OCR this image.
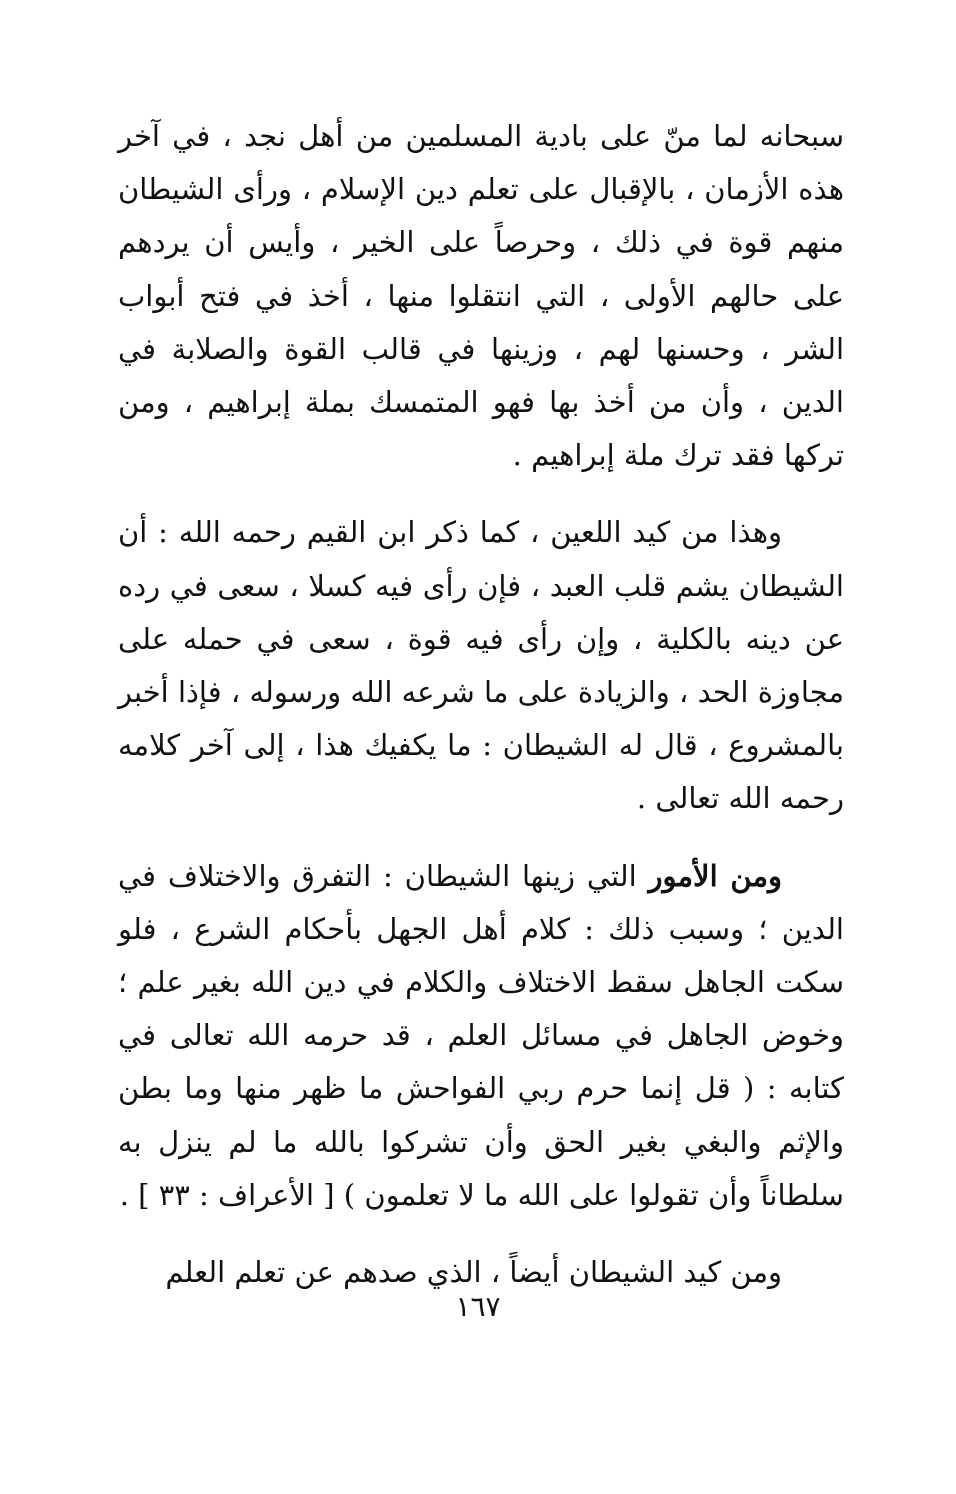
سبحانه لما منّ على بادية المسلمين من أهل نجد ، في آخر هذه الأزمان ، بالإقبال على تعلم دين الإسلام ، ورأى الشيطان منهم قوة في ذلك ، وحرصاً على الخير ، وأيس أن يردهم على حالهم الأولى ، التي انتقلوا منها ، أخذ في فتح أبواب الشر ، وحسنها لهم ، وزينها في قالب القوة والصلابة في الدين ، وأن من أخذ بها فهو المتمسك بملة إبراهيم ، ومن تركها فقد ترك ملة إبراهيم .

وهذا من كيد اللعين ، كما ذكر ابن القيم رحمه الله : أن الشيطان يشم قلب العبد ، فإن رأى فيه كسلا ، سعى في رده عن دينه بالكلية ، وإن رأى فيه قوة ، سعى في حمله على مجاوزة الحد ، والزيادة على ما شرعه الله ورسوله ، فإذا أخبر بالمشروع ، قال له الشيطان : ما يكفيك هذا ، إلى آخر كلامه رحمه الله تعالى .

ومن الأمور التي زينها الشيطان : التفرق والاختلاف في الدين ؛ وسبب ذلك : كلام أهل الجهل بأحكام الشرع ، فلو سكت الجاهل سقط الاختلاف والكلام في دين الله بغير علم ؛ وخوض الجاهل في مسائل العلم ، قد حرمه الله تعالى في كتابه : ( قل إنما حرم ربي الفواحش ما ظهر منها وما بطن والإثم والبغي بغير الحق وأن تشركوا بالله ما لم ينزل به سلطاناً وأن تقولوا على الله ما لا تعلمون ) [ الأعراف : ٣٣ ] .

ومن كيد الشيطان أيضاً ، الذي صدهم عن تعلم العلم

١٦٧
